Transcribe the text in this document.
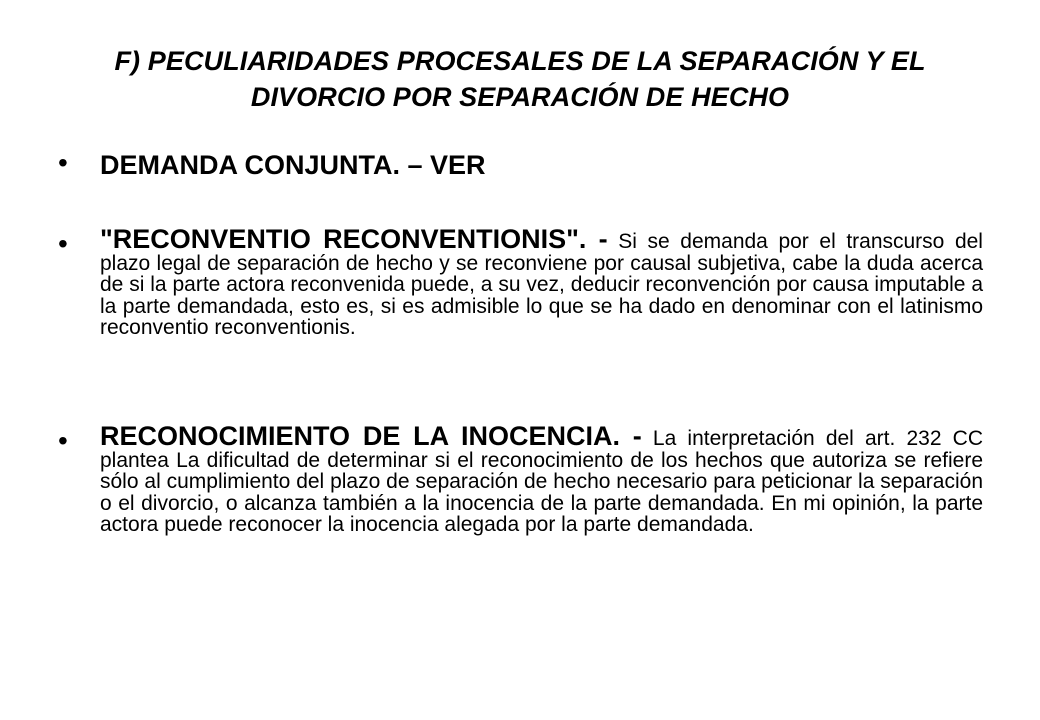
F) PECULIARIDADES PROCESALES DE LA SEPARACIÓN Y EL DIVORCIO POR SEPARACIÓN DE HECHO
• DEMANDA CONJUNTA. – VER
• "RECONVENTIO RECONVENTIONIS". - Si se demanda por el transcurso del plazo legal de separación de hecho y se reconviene por causal subjetiva, cabe la duda acerca de si la parte actora reconvenida puede, a su vez, deducir reconvención por causa imputable a la parte demandada, esto es, si es admisible lo que se ha dado en denominar con el latinismo reconventio reconventionis.
• RECONOCIMIENTO DE LA INOCENCIA. - La interpretación del art. 232 CC plantea La dificultad de determinar si el reconocimiento de los hechos que autoriza se refiere sólo al cumplimiento del plazo de separación de hecho necesario para peticionar la separación o el divorcio, o alcanza también a la inocencia de la parte demandada. En mi opinión, la parte actora puede reconocer la inocencia alegada por la parte demandada.
